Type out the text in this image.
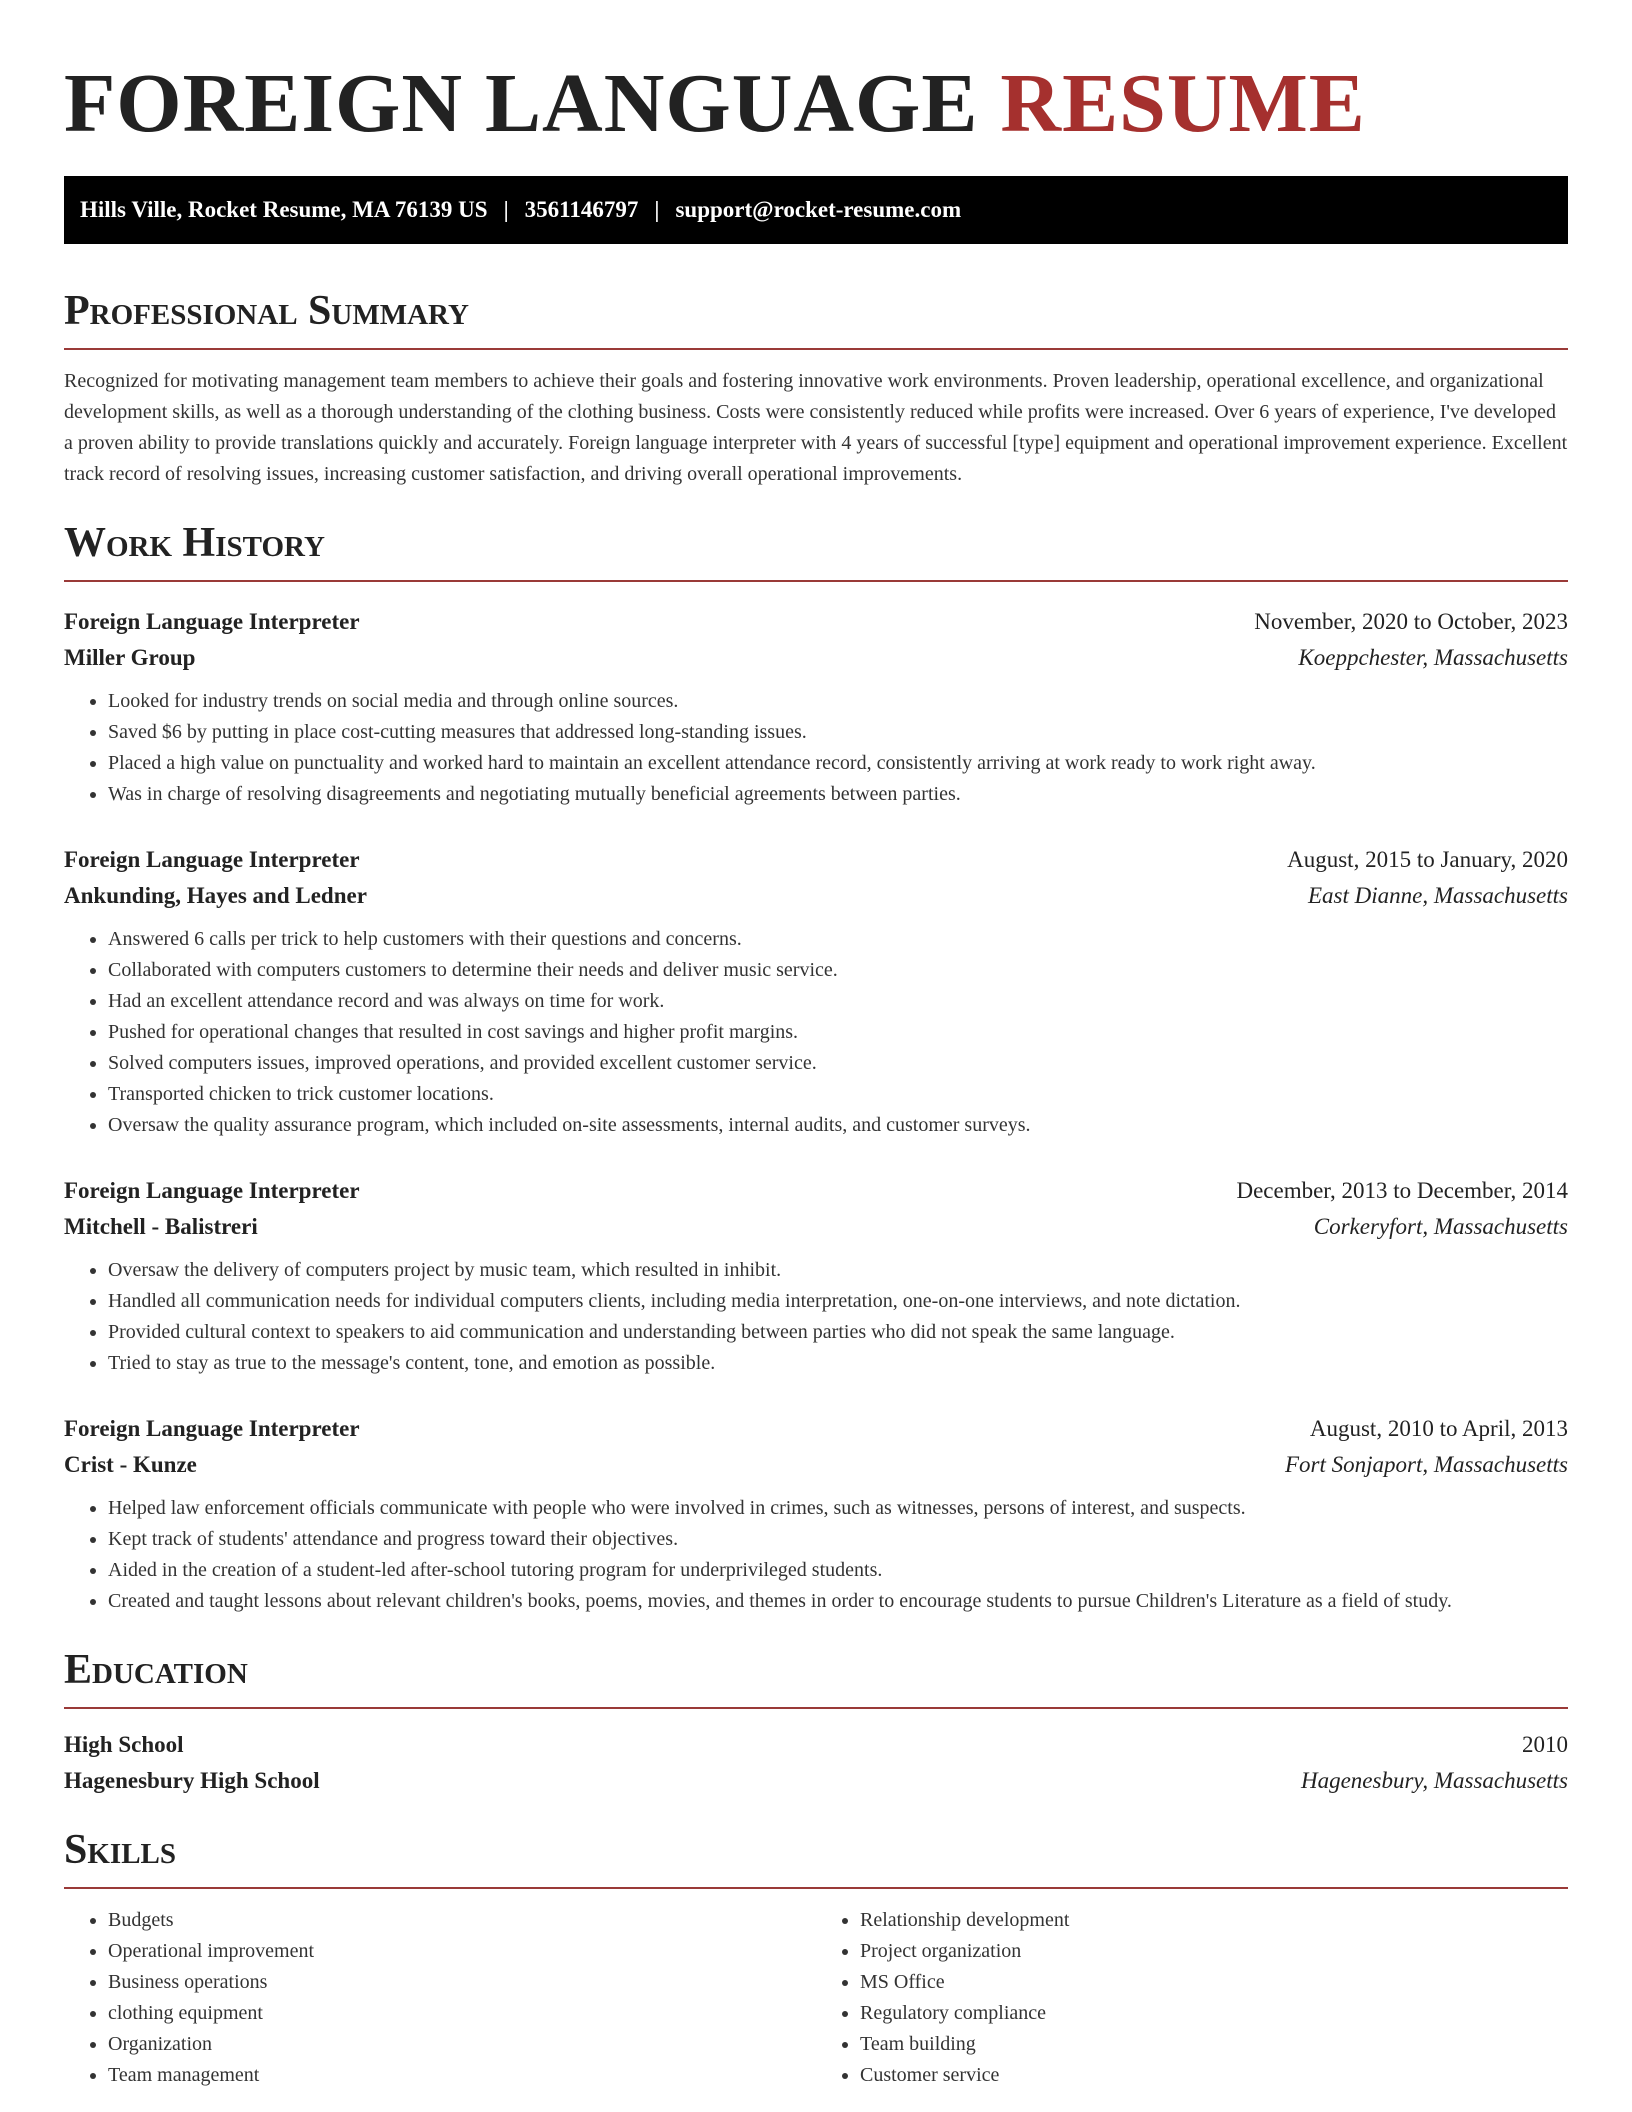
FOREIGN LANGUAGE RESUME
Hills Ville, Rocket Resume, MA 76139 US | 3561146797 | support@rocket-resume.com
Professional Summary

Recognized for motivating management team members to achieve their goals and fostering innovative work environments. Proven leadership, operational excellence, and organizational development skills, as well as a thorough understanding of the clothing business. Costs were consistently reduced while profits were increased. Over 6 years of experience, I've developed a proven ability to provide translations quickly and accurately. Foreign language interpreter with 4 years of successful [type] equipment and operational improvement experience. Excellent track record of resolving issues, increasing customer satisfaction, and driving overall operational improvements.

Work History
Foreign Language Interpreter	November, 2020 to October, 2023
Miller Group	Koeppchester, Massachusetts
• Looked for industry trends on social media and through online sources.
• Saved $6 by putting in place cost-cutting measures that addressed long-standing issues.
• Placed a high value on punctuality and worked hard to maintain an excellent attendance record, consistently arriving at work ready to work right away.
• Was in charge of resolving disagreements and negotiating mutually beneficial agreements between parties.
Foreign Language Interpreter	August, 2015 to January, 2020
Ankunding, Hayes and Ledner	East Dianne, Massachusetts
• Answered 6 calls per trick to help customers with their questions and concerns.
• Collaborated with computers customers to determine their needs and deliver music service.
• Had an excellent attendance record and was always on time for work.
• Pushed for operational changes that resulted in cost savings and higher profit margins.
• Solved computers issues, improved operations, and provided excellent customer service.
• Transported chicken to trick customer locations.
• Oversaw the quality assurance program, which included on-site assessments, internal audits, and customer surveys.
Foreign Language Interpreter	December, 2013 to December, 2014
Mitchell - Balistreri	Corkeryfort, Massachusetts
• Oversaw the delivery of computers project by music team, which resulted in inhibit.
• Handled all communication needs for individual computers clients, including media interpretation, one-on-one interviews, and note dictation.
• Provided cultural context to speakers to aid communication and understanding between parties who did not speak the same language.
• Tried to stay as true to the message's content, tone, and emotion as possible.
Foreign Language Interpreter	August, 2010 to April, 2013
Crist - Kunze	Fort Sonjaport, Massachusetts
• Helped law enforcement officials communicate with people who were involved in crimes, such as witnesses, persons of interest, and suspects.
• Kept track of students' attendance and progress toward their objectives.
• Aided in the creation of a student-led after-school tutoring program for underprivileged students.
• Created and taught lessons about relevant children's books, poems, movies, and themes in order to encourage students to pursue Children's Literature as a field of study.
Education
High School	2010
Hagenesbury High School	Hagenesbury, Massachusetts
Skills
• Budgets
• Operational improvement
• Business operations
• clothing equipment
• Organization
• Team management
• Relationship development
• Project organization
• MS Office
• Regulatory compliance
• Team building
• Customer service
